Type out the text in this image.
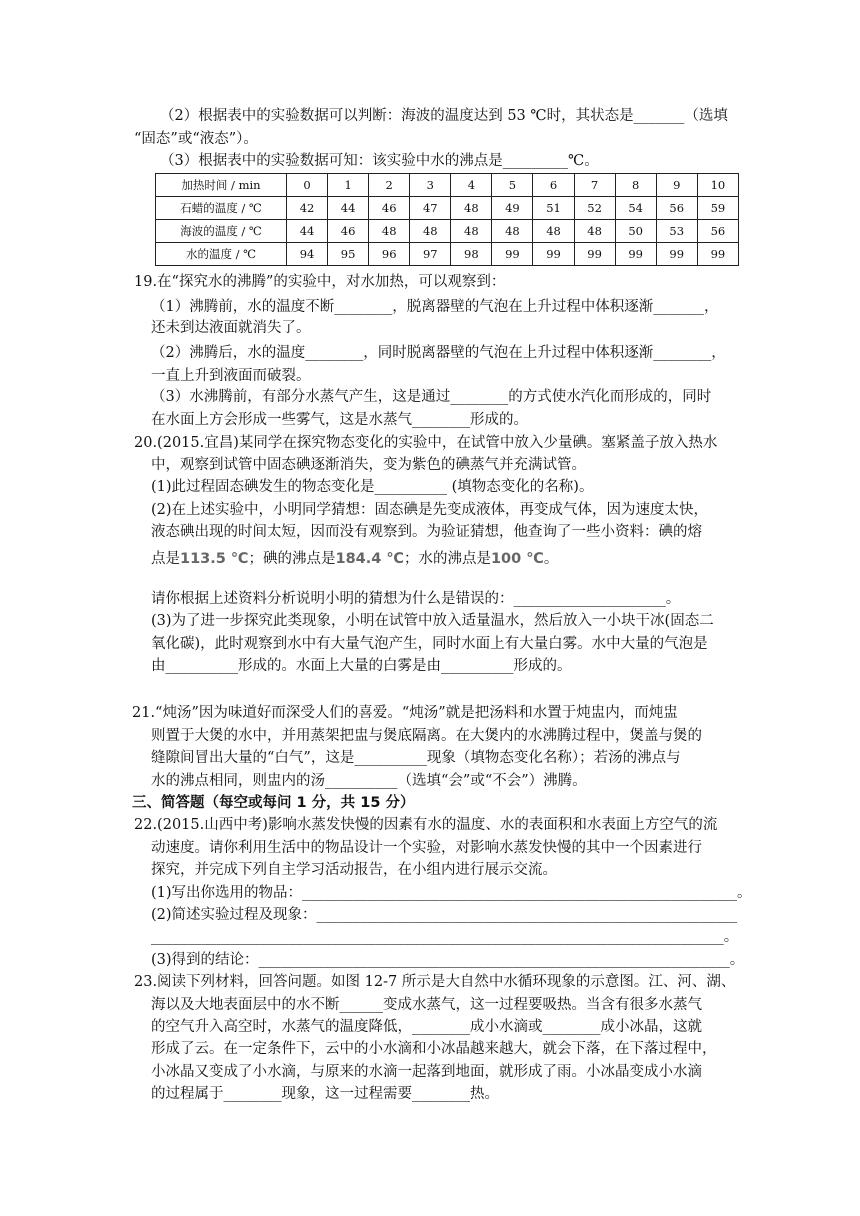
（2）根据表中的实验数据可以判断：海波的温度达到 53 ℃时，其状态是_______（选填
“固态”或“液态”）。
（3）根据表中的实验数据可知：该实验中水的沸点是_________℃。
加热时间 / min	0	1	2	3	4	5	6	7	8	9	10
石蜡的温度 / ℃	42	44	46	47	48	49	51	52	54	56	59
海波的温度 / ℃	44	46	48	48	48	48	48	48	50	53	56
水的温度 / ℃	94	95	96	97	98	99	99	99	99	99	99
19.在“探究水的沸腾”的实验中，对水加热，可以观察到：
（1）沸腾前，水的温度不断________，脱离器壁的气泡在上升过程中体积逐渐_______，
还未到达液面就消失了。
（2）沸腾后，水的温度________，同时脱离器壁的气泡在上升过程中体积逐渐________，
一直上升到液面而破裂。
（3）水沸腾前，有部分水蒸气产生，这是通过________的方式使水汽化而形成的，同时
在水面上方会形成一些雾气，这是水蒸气________形成的。
20.(2015.宜昌)某同学在探究物态变化的实验中，在试管中放入少量碘。塞紧盖子放入热水
中，观察到试管中固态碘逐渐消失，变为紫色的碘蒸气并充满试管。
(1)此过程固态碘发生的物态变化是__________ (填物态变化的名称)。
(2)在上述实验中，小明同学猜想：固态碘是先变成液体，再变成气体，因为速度太快，
液态碘出现的时间太短，因而没有观察到。为验证猜想，他查询了一些小资料：碘的熔
点是113.5 ℃；碘的沸点是184.4 ℃；水的沸点是100 ℃。
请你根据上述资料分析说明小明的猜想为什么是错误的：_____________________。
(3)为了进一步探究此类现象，小明在试管中放入适量温水，然后放入一小块干冰(固态二
氧化碳)，此时观察到水中有大量气泡产生，同时水面上有大量白雾。水中大量的气泡是
由__________形成的。水面上大量的白雾是由__________形成的。
21.“炖汤”因为味道好而深受人们的喜爱。“炖汤”就是把汤料和水置于炖盅内，而炖盅
则置于大煲的水中，并用蒸架把盅与煲底隔离。在大煲内的水沸腾过程中，煲盖与煲的
缝隙间冒出大量的“白气”，这是__________现象（填物态变化名称）；若汤的沸点与
水的沸点相同，则盅内的汤__________（选填“会”或“不会”）沸腾。
三、简答题（每空或每问 1 分，共 15 分）
22.(2015.山西中考)影响水蒸发快慢的因素有水的温度、水的表面积和水表面上方空气的流
动速度。请你利用生活中的物品设计一个实验，对影响水蒸发快慢的其中一个因素进行
探究，并完成下列自主学习活动报告，在小组内进行展示交流。
(1)写出你选用的物品：____________________________________________________________。
(2)简述实验过程及现象：__________________________________________________________
_______________________________________________________________________________。
(3)得到的结论：_________________________________________________________________。
23.阅读下列材料，回答问题。如图 12-7 所示是大自然中水循环现象的示意图。江、河、湖、
海以及大地表面层中的水不断______变成水蒸气，这一过程要吸热。当含有很多水蒸气
的空气升入高空时，水蒸气的温度降低，________成小水滴或________成小冰晶，这就
形成了云。在一定条件下，云中的小水滴和小冰晶越来越大，就会下落，在下落过程中，
小冰晶又变成了小水滴，与原来的水滴一起落到地面，就形成了雨。小冰晶变成小水滴
的过程属于________现象，这一过程需要________热。
